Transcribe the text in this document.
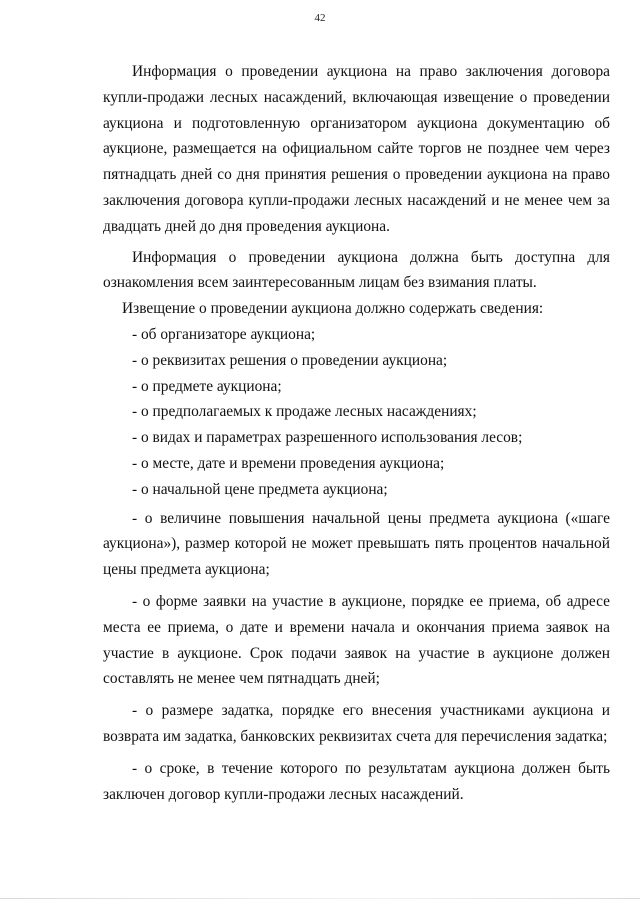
42

Информация о проведении аукциона на право заключения договора купли-продажи лесных насаждений, включающая извещение о проведении аукциона и подготовленную организатором аукциона документацию об аукционе, размещается на официальном сайте торгов не позднее чем через пятнадцать дней со дня принятия решения о проведении аукциона на право заключения договора купли-продажи лесных насаждений и не менее чем за двадцать дней до дня проведения аукциона.

Информация о проведении аукциона должна быть доступна для ознакомления всем заинтересованным лицам без взимания платы.

Извещение о проведении аукциона должно содержать сведения:

- об организаторе аукциона;

- о реквизитах решения о проведении аукциона;

- о предмете аукциона;

- о предполагаемых к продаже лесных насаждениях;

- о видах и параметрах разрешенного использования лесов;

- о месте, дате и времени проведения аукциона;

- о начальной цене предмета аукциона;

- о величине повышения начальной цены предмета аукциона («шаге аукциона»), размер которой не может превышать пять процентов начальной цены предмета аукциона;

- о форме заявки на участие в аукционе, порядке ее приема, об адресе места ее приема, о дате и времени начала и окончания приема заявок на участие в аукционе. Срок подачи заявок на участие в аукционе должен составлять не менее чем пятнадцать дней;

- о размере задатка, порядке его внесения участниками аукциона и возврата им задатка, банковских реквизитах счета для перечисления задатка;

- о сроке, в течение которого по результатам аукциона должен быть заключен договор купли-продажи лесных насаждений.
